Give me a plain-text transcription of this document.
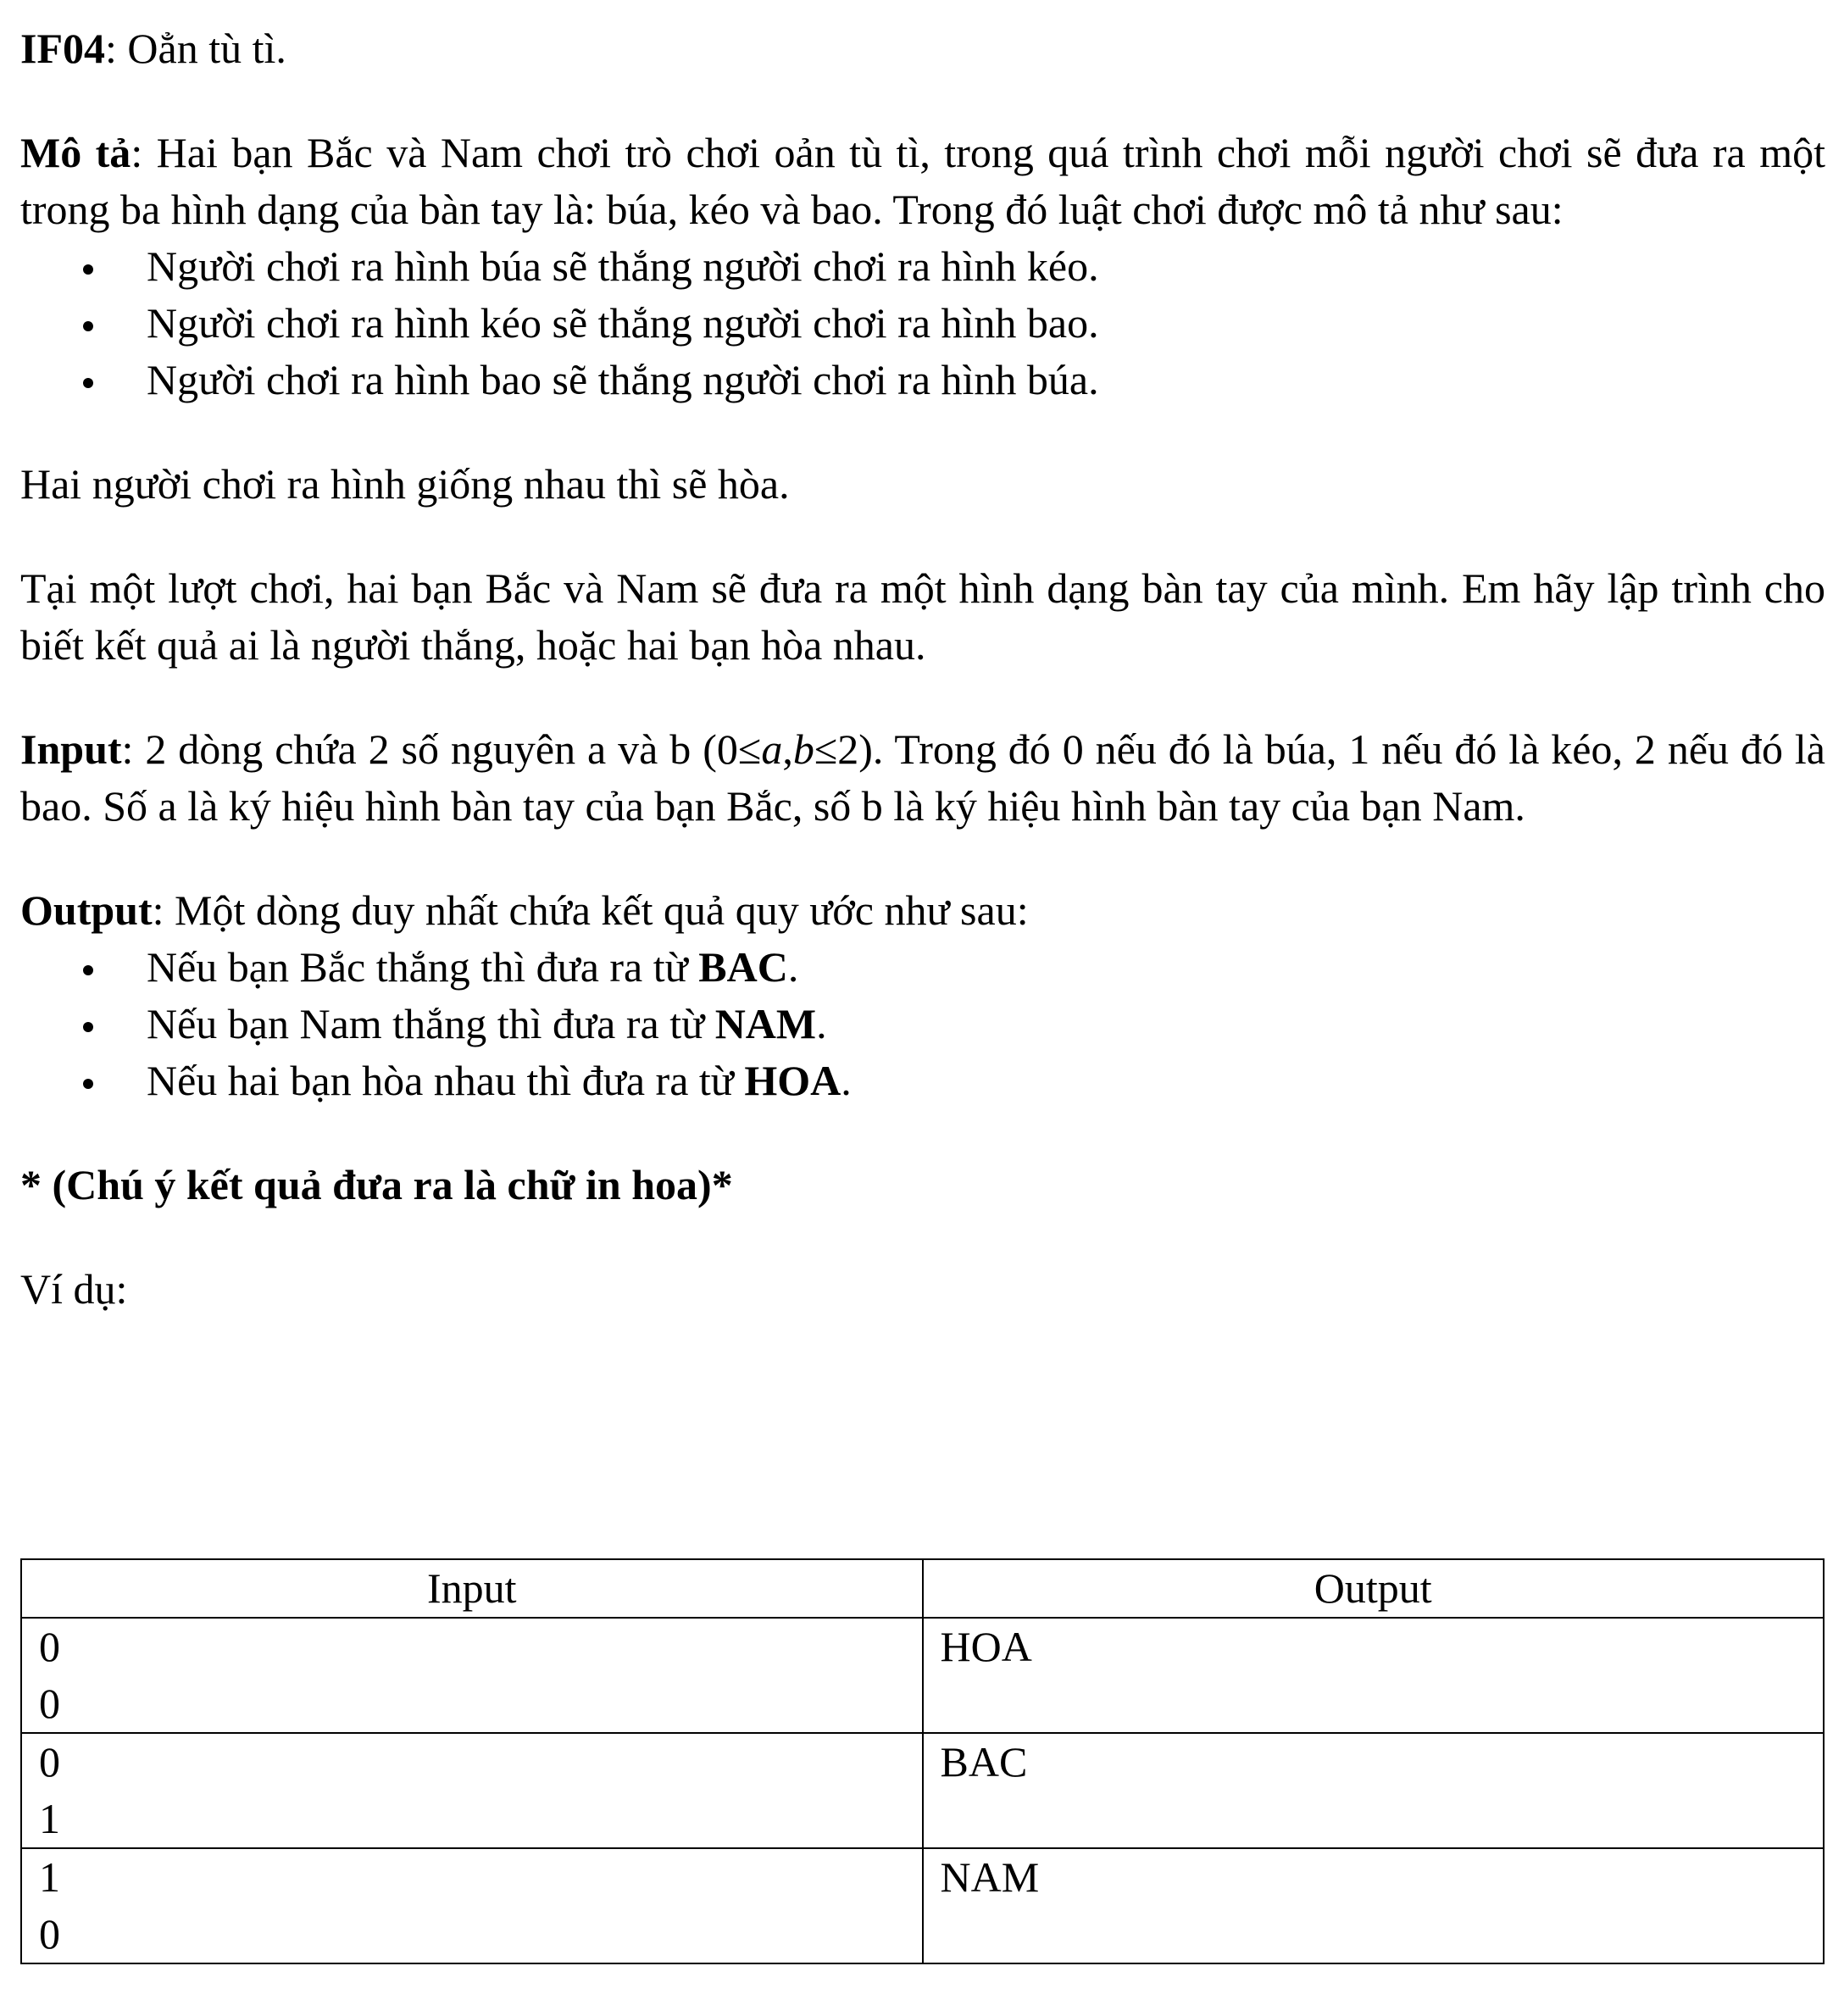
IF04: Oẳn tù tì.

Mô tả: Hai bạn Bắc và Nam chơi trò chơi oản tù tì, trong quá trình chơi mỗi người chơi sẽ đưa ra một trong ba hình dạng của bàn tay là: búa, kéo và bao. Trong đó luật chơi được mô tả như sau:

Người chơi ra hình búa sẽ thắng người chơi ra hình kéo.
Người chơi ra hình kéo sẽ thắng người chơi ra hình bao.
Người chơi ra hình bao sẽ thắng người chơi ra hình búa.

Hai người chơi ra hình giống nhau thì sẽ hòa.

Tại một lượt chơi, hai bạn Bắc và Nam sẽ đưa ra một hình dạng bàn tay của mình. Em hãy lập trình cho biết kết quả ai là người thắng, hoặc hai bạn hòa nhau.

Input: 2 dòng chứa 2 số nguyên a và b (0≤a,b≤2). Trong đó 0 nếu đó là búa, 1 nếu đó là kéo, 2 nếu đó là bao. Số a là ký hiệu hình bàn tay của bạn Bắc, số b là ký hiệu hình bàn tay của bạn Nam.

Output: Một dòng duy nhất chứa kết quả quy ước như sau:

Nếu bạn Bắc thắng thì đưa ra từ BAC.
Nếu bạn Nam thắng thì đưa ra từ NAM.
Nếu hai bạn hòa nhau thì đưa ra từ HOA.

* (Chú ý kết quả đưa ra là chữ in hoa)*

Ví dụ:

Input	Output

0
0	HOA

0
1	BAC

1
0	NAM
